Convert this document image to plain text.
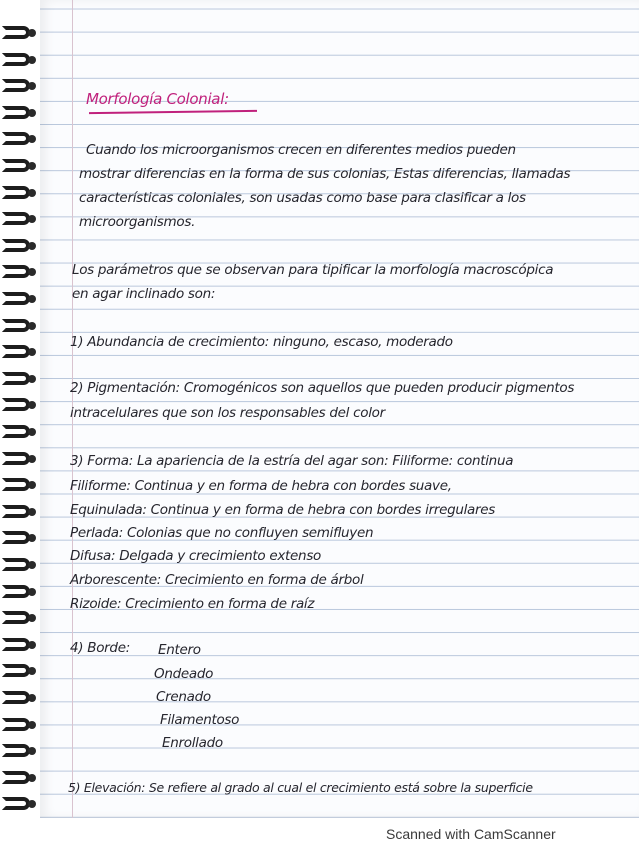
Morfología Colonial:
Cuando los microorganismos crecen en diferentes medios pueden
mostrar diferencias en la forma de sus colonias, Estas diferencias, llamadas
características coloniales, son usadas como base para clasificar a los
microorganismos.
Los parámetros que se observan para tipificar la morfología macroscópica
en agar inclinado son:
1) Abundancia de crecimiento: ninguno, escaso, moderado
2) Pigmentación: Cromogénicos son aquellos que pueden producir pigmentos
intracelulares que son los responsables del color
3) Forma: La apariencia de la estría del agar son: Filiforme: continua
Filiforme: Continua y en forma de hebra con bordes suave,
Equinulada: Continua y en forma de hebra con bordes irregulares
Perlada: Colonias que no confluyen semifluyen
Difusa: Delgada y crecimiento extenso
Arborescente: Crecimiento en forma de árbol
Rizoide: Crecimiento en forma de raíz
4) Borde: Entero
Ondeado
Crenado
Filamentoso
Enrollado
5) Elevación: Se refiere al grado al cual el crecimiento está sobre la superficie
Scanned with CamScanner
